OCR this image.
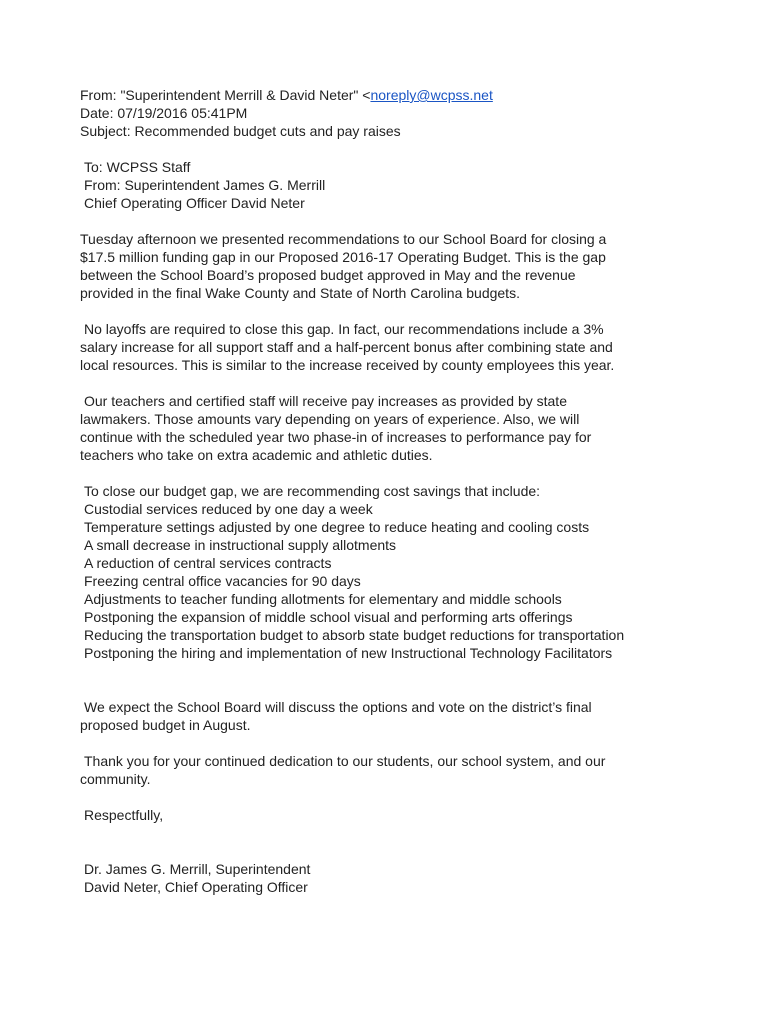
From: "Superintendent Merrill & David Neter" <noreply@wcpss.net
Date: 07/19/2016 05:41PM
Subject: Recommended budget cuts and pay raises
To: WCPSS Staff
From: Superintendent James G. Merrill
Chief Operating Officer David Neter
Tuesday afternoon we presented recommendations to our School Board for closing a
$17.5 million funding gap in our Proposed 2016-17 Operating Budget. This is the gap
between the School Board’s proposed budget approved in May and the revenue
provided in the final Wake County and State of North Carolina budgets.
No layoffs are required to close this gap. In fact, our recommendations include a 3%
salary increase for all support staff and a half-percent bonus after combining state and
local resources. This is similar to the increase received by county employees this year.
Our teachers and certified staff will receive pay increases as provided by state
lawmakers. Those amounts vary depending on years of experience. Also, we will
continue with the scheduled year two phase-in of increases to performance pay for
teachers who take on extra academic and athletic duties.
To close our budget gap, we are recommending cost savings that include:
Custodial services reduced by one day a week
Temperature settings adjusted by one degree to reduce heating and cooling costs
A small decrease in instructional supply allotments
A reduction of central services contracts
Freezing central office vacancies for 90 days
Adjustments to teacher funding allotments for elementary and middle schools
Postponing the expansion of middle school visual and performing arts offerings
Reducing the transportation budget to absorb state budget reductions for transportation
Postponing the hiring and implementation of new Instructional Technology Facilitators
We expect the School Board will discuss the options and vote on the district’s final
proposed budget in August.
Thank you for your continued dedication to our students, our school system, and our
community.
Respectfully,
Dr. James G. Merrill, Superintendent
David Neter, Chief Operating Officer
